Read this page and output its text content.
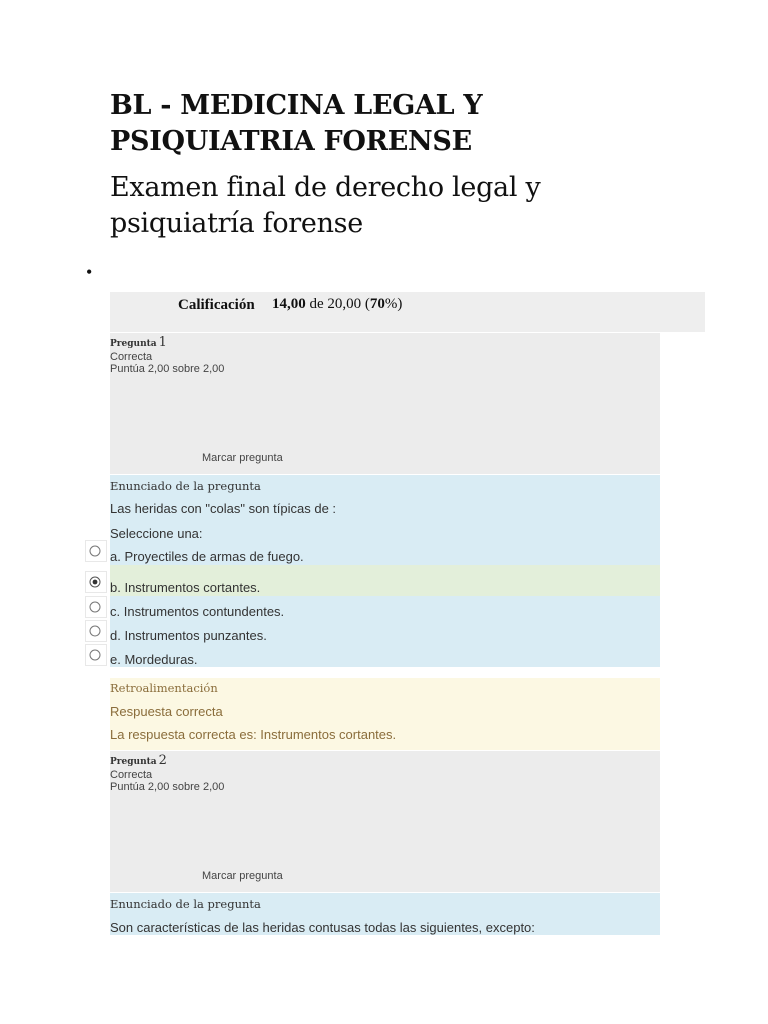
BL - MEDICINA LEGAL Y PSIQUIATRIA FORENSE
Examen final de derecho legal y psiquiatría forense
•
Calificación 14,00 de 20,00 (70%)
Pregunta 1
Correcta
Puntúa 2,00 sobre 2,00
Marcar pregunta
Enunciado de la pregunta
Las heridas con "colas" son típicas de :
Seleccione una:
a. Proyectiles de armas de fuego.
b. Instrumentos cortantes.
c. Instrumentos contundentes.
d. Instrumentos punzantes.
e. Mordeduras.
Retroalimentación
Respuesta correcta
La respuesta correcta es: Instrumentos cortantes.
Pregunta 2
Correcta
Puntúa 2,00 sobre 2,00
Marcar pregunta
Enunciado de la pregunta
Son características de las heridas contusas todas las siguientes, excepto:
